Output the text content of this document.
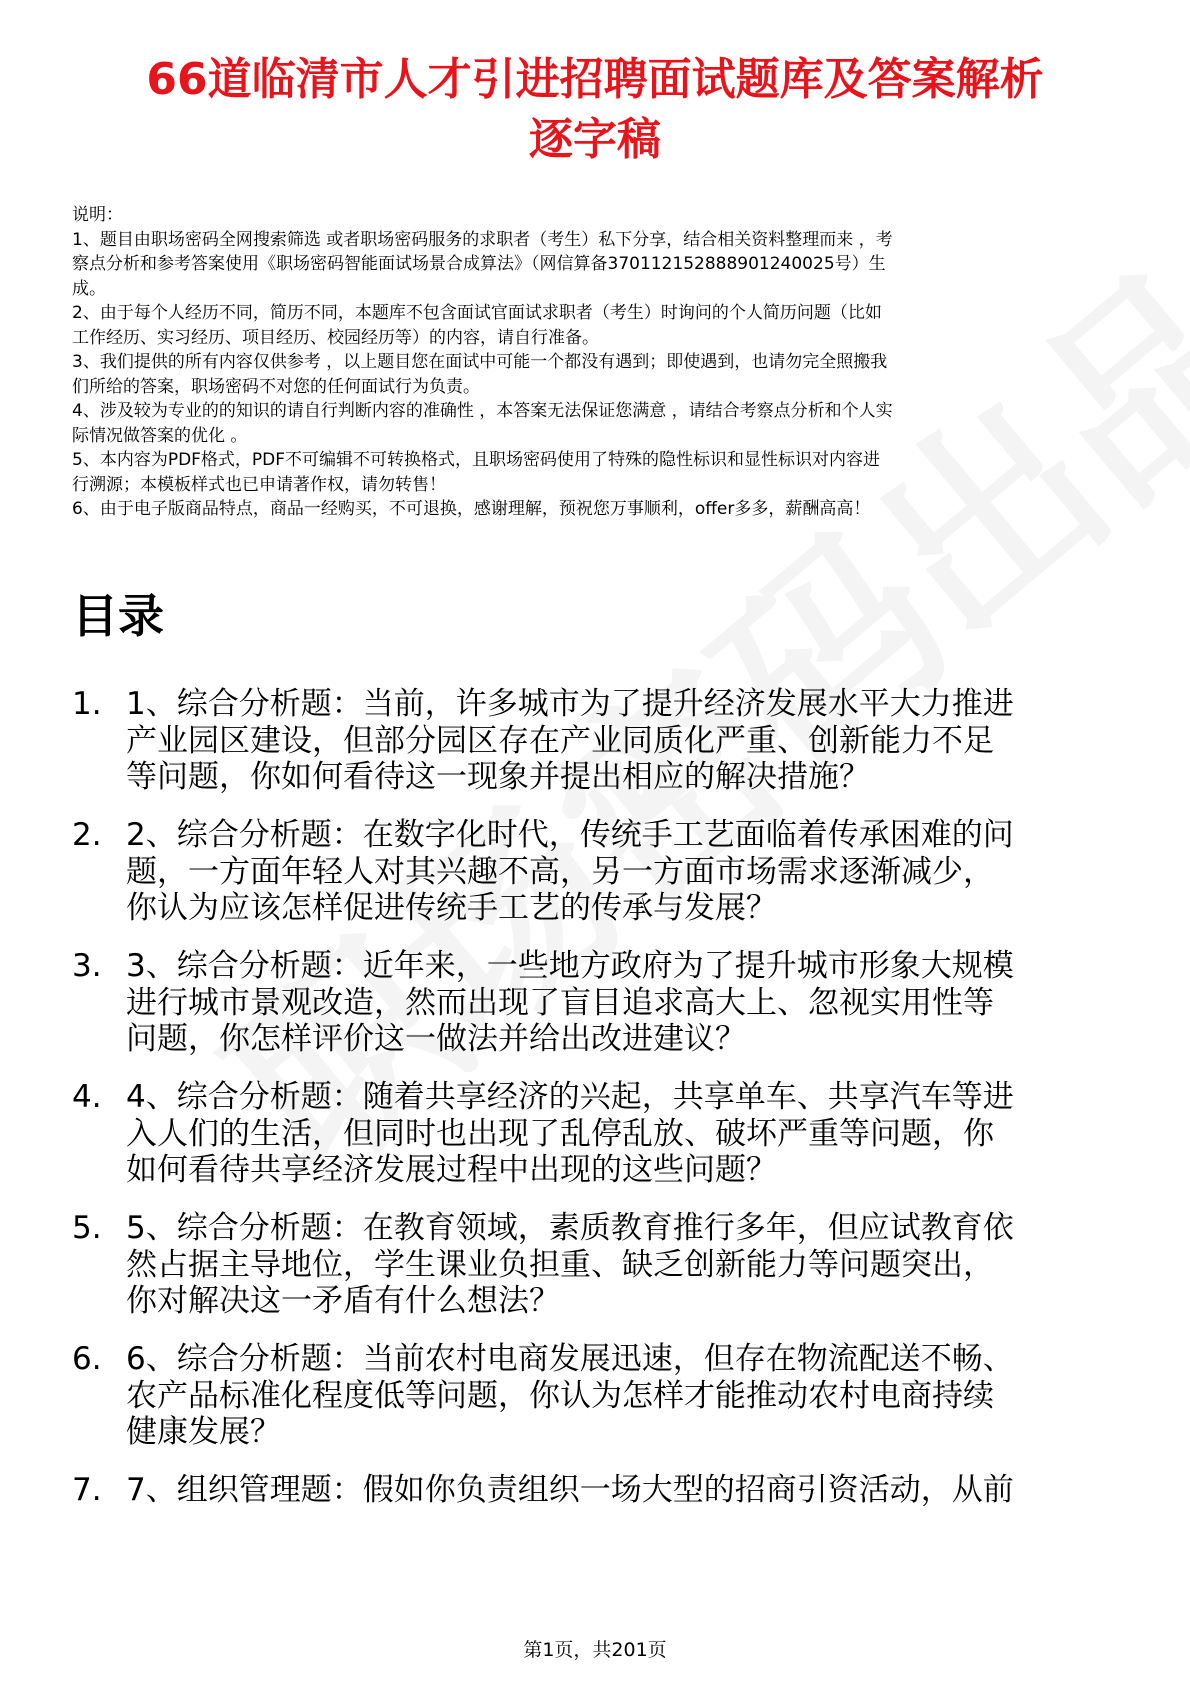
66道临清市人才引进招聘面试题库及答案解析
逐字稿
说明：
1、题目由职场密码全网搜索筛选 或者职场密码服务的求职者（考生）私下分享，结合相关资料整理而来 ，考
察点分析和参考答案使用《职场密码智能面试场景合成算法》（网信算备370112152888901240025号）生
成。
2、由于每个人经历不同，简历不同，本题库不包含面试官面试求职者（考生）时询问的个人简历问题（比如
工作经历、实习经历、项目经历、校园经历等）的内容，请自行准备。
3、我们提供的所有内容仅供参考 ，以上题目您在面试中可能一个都没有遇到；即使遇到，也请勿完全照搬我
们所给的答案，职场密码不对您的任何面试行为负责。
4、涉及较为专业的的知识的请自行判断内容的准确性 ，本答案无法保证您满意 ，请结合考察点分析和个人实
际情况做答案的优化 。
5、本内容为PDF格式，PDF不可编辑不可转换格式，且职场密码使用了特殊的隐性标识和显性标识对内容进
行溯源；本模板样式也已申请著作权，请勿转售！
6、由于电子版商品特点，商品一经购买，不可退换，感谢理解，预祝您万事顺利，offer多多，薪酬高高！
目录
1. 1、综合分析题：当前，许多城市为了提升经济发展水平大力推进
产业园区建设，但部分园区存在产业同质化严重、创新能力不足
等问题，你如何看待这一现象并提出相应的解决措施？
2. 2、综合分析题：在数字化时代，传统手工艺面临着传承困难的问
题，一方面年轻人对其兴趣不高，另一方面市场需求逐渐减少，
你认为应该怎样促进传统手工艺的传承与发展？
3. 3、综合分析题：近年来，一些地方政府为了提升城市形象大规模
进行城市景观改造，然而出现了盲目追求高大上、忽视实用性等
问题，你怎样评价这一做法并给出改进建议？
4. 4、综合分析题：随着共享经济的兴起，共享单车、共享汽车等进
入人们的生活，但同时也出现了乱停乱放、破坏严重等问题，你
如何看待共享经济发展过程中出现的这些问题？
5. 5、综合分析题：在教育领域，素质教育推行多年，但应试教育依
然占据主导地位，学生课业负担重、缺乏创新能力等问题突出，
你对解决这一矛盾有什么想法？
6. 6、综合分析题：当前农村电商发展迅速，但存在物流配送不畅、
农产品标准化程度低等问题，你认为怎样才能推动农村电商持续
健康发展？
7. 7、组织管理题：假如你负责组织一场大型的招商引资活动，从前
第1页，共201页
